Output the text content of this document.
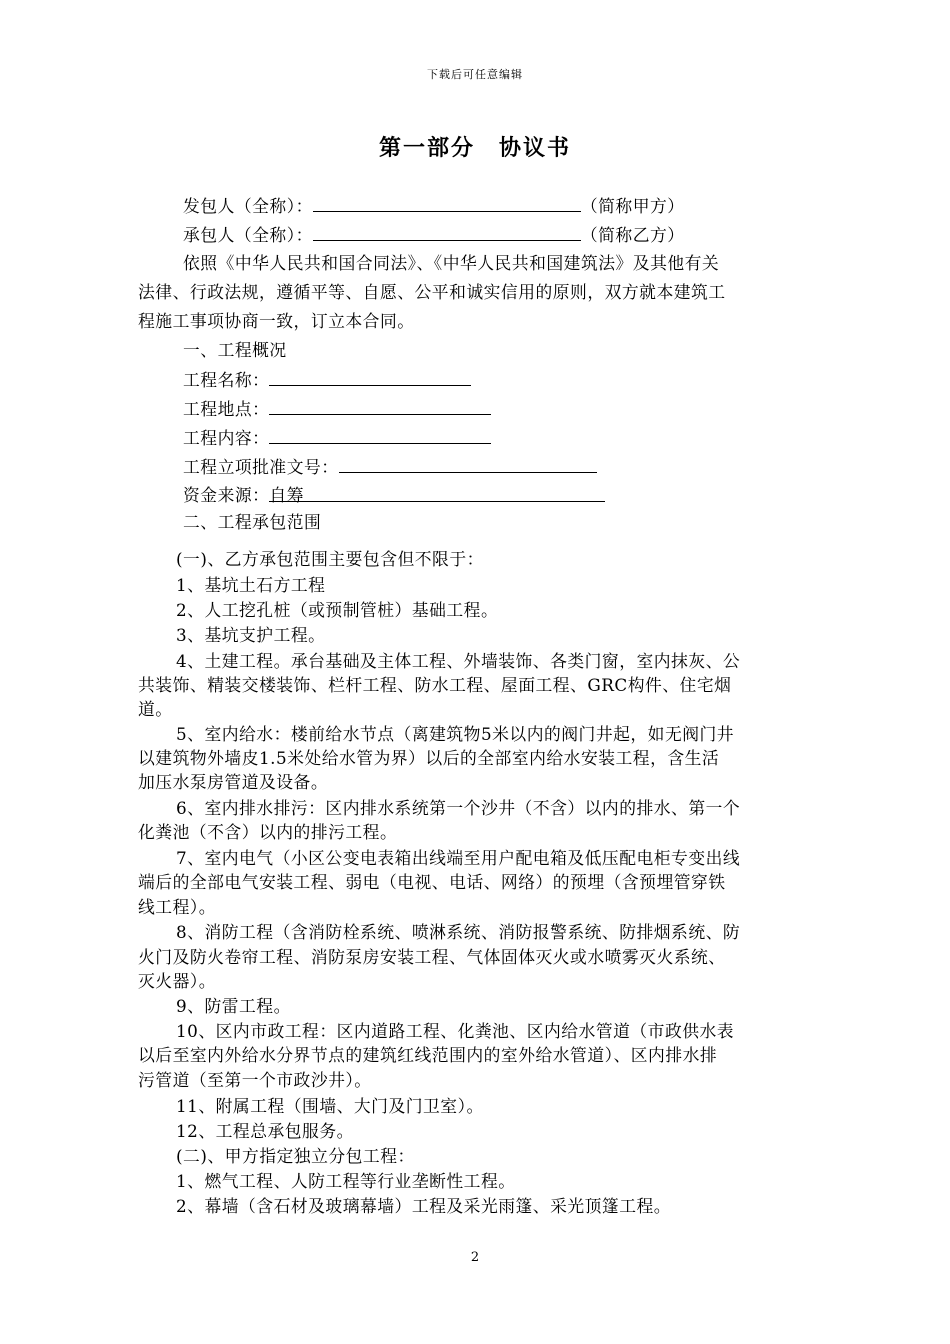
下载后可任意编辑
第一部分　协议书
发包人（全称）：	（简称甲方）
承包人（全称）：	（简称乙方）
依照《中华人民共和国合同法》、《中华人民共和国建筑法》及其他有关
法律、行政法规，遵循平等、自愿、公平和诚实信用的原则，双方就本建筑工
程施工事项协商一致，订立本合同。
一、工程概况
工程名称：
工程地点：
工程内容：
工程立项批准文号：
资金来源：自筹
二、工程承包范围
(一)、乙方承包范围主要包含但不限于：
1、基坑土石方工程
2、人工挖孔桩（或预制管桩）基础工程。
3、基坑支护工程。
4、土建工程。承台基础及主体工程、外墙装饰、各类门窗，室内抹灰、公
共装饰、精装交楼装饰、栏杆工程、防水工程、屋面工程、GRC构件、住宅烟
道。
5、室内给水：楼前给水节点（离建筑物5米以内的阀门井起，如无阀门井
以建筑物外墙皮1.5米处给水管为界）以后的全部室内给水安装工程，含生活
加压水泵房管道及设备。
6、室内排水排污：区内排水系统第一个沙井（不含）以内的排水、第一个
化粪池（不含）以内的排污工程。
7、室内电气（小区公变电表箱出线端至用户配电箱及低压配电柜专变出线
端后的全部电气安装工程、弱电（电视、电话、网络）的预埋（含预埋管穿铁
线工程）。
8、消防工程（含消防栓系统、喷淋系统、消防报警系统、防排烟系统、防
火门及防火卷帘工程、消防泵房安装工程、气体固体灭火或水喷雾灭火系统、
灭火器）。
9、防雷工程。
10、区内市政工程：区内道路工程、化粪池、区内给水管道（市政供水表
以后至室内外给水分界节点的建筑红线范围内的室外给水管道）、区内排水排
污管道（至第一个市政沙井）。
11、附属工程（围墙、大门及门卫室）。
12、工程总承包服务。
(二)、甲方指定独立分包工程：
1、燃气工程、人防工程等行业垄断性工程。
2、幕墙（含石材及玻璃幕墙）工程及采光雨篷、采光顶篷工程。
2
